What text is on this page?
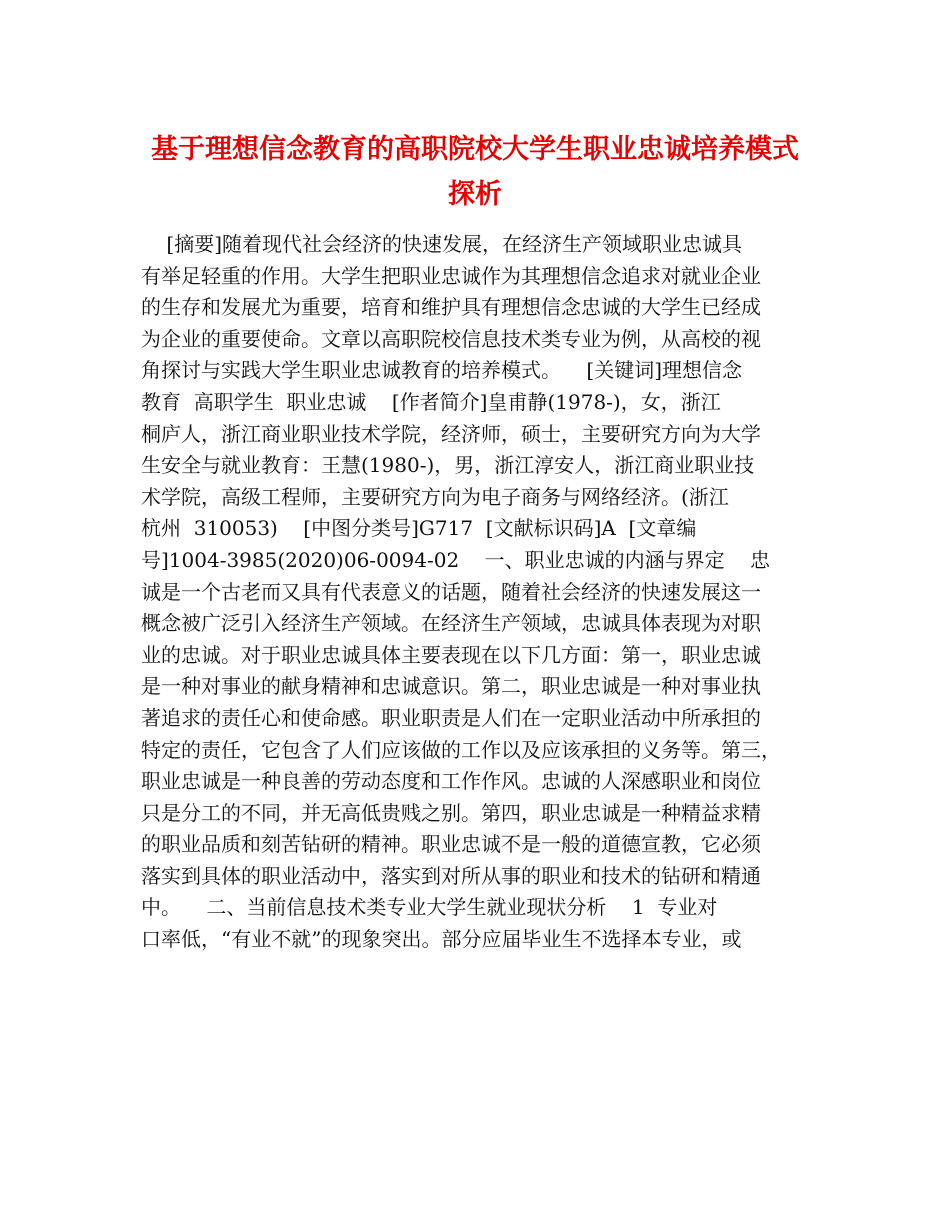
基于理想信念教育的高职院校大学生职业忠诚培养模式
探析
[摘要]随着现代社会经济的快速发展，在经济生产领域职业忠诚具
有举足轻重的作用。大学生把职业忠诚作为其理想信念追求对就业企业
的生存和发展尤为重要，培育和维护具有理想信念忠诚的大学生已经成
为企业的重要使命。文章以高职院校信息技术类专业为例，从高校的视
角探讨与实践大学生职业忠诚教育的培养模式。    [关键词]理想信念
教育  高职学生  职业忠诚    [作者简介]皇甫静(1978-)，女，浙江
桐庐人，浙江商业职业技术学院，经济师，硕士，主要研究方向为大学
生安全与就业教育：王慧(1980-)，男，浙江淳安人，浙江商业职业技
术学院，高级工程师，主要研究方向为电子商务与网络经济。(浙江
杭州  310053)    [中图分类号]G717  [文献标识码]A  [文章编
号]1004-3985(2020)06-0094-02    一、职业忠诚的内涵与界定    忠
诚是一个古老而又具有代表意义的话题，随着社会经济的快速发展这一
概念被广泛引入经济生产领域。在经济生产领域，忠诚具体表现为对职
业的忠诚。对于职业忠诚具体主要表现在以下几方面：第一，职业忠诚
是一种对事业的献身精神和忠诚意识。第二，职业忠诚是一种对事业执
著追求的责任心和使命感。职业职责是人们在一定职业活动中所承担的
特定的责任，它包含了人们应该做的工作以及应该承担的义务等。第三，
职业忠诚是一种良善的劳动态度和工作作风。忠诚的人深感职业和岗位
只是分工的不同，并无高低贵贱之别。第四，职业忠诚是一种精益求精
的职业品质和刻苦钻研的精神。职业忠诚不是一般的道德宣教，它必须
落实到具体的职业活动中，落实到对所从事的职业和技术的钻研和精通
中。    二、当前信息技术类专业大学生就业现状分析    1  专业对
口率低，“有业不就”的现象突出。部分应届毕业生不选择本专业，或
